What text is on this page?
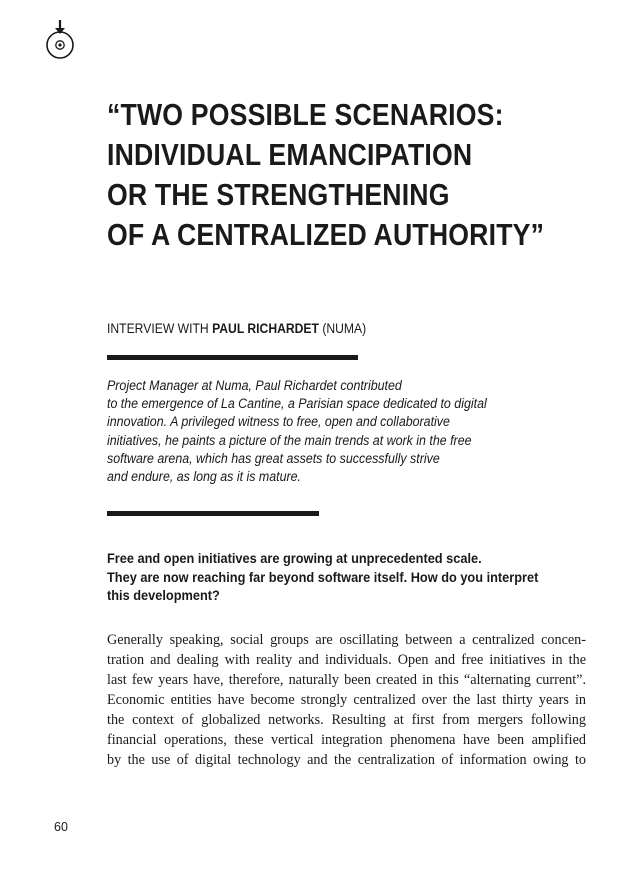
“TWO POSSIBLE SCENARIOS:
INDIVIDUAL EMANCIPATION
OR THE STRENGTHENING
OF A CENTRALIZED AUTHORITY”
INTERVIEW WITH PAUL RICHARDET (NUMA)
Project Manager at Numa, Paul Richardet contributed
to the emergence of La Cantine, a Parisian space dedicated to digital
innovation. A privileged witness to free, open and collaborative
initiatives, he paints a picture of the main trends at work in the free
software arena, which has great assets to successfully strive
and endure, as long as it is mature.
Free and open initiatives are growing at unprecedented scale.
They are now reaching far beyond software itself. How do you interpret
this development?
Generally speaking, social groups are oscillating between a centralized concen-
tration and dealing with reality and individuals. Open and free initiatives in the
last few years have, therefore, naturally been created in this “alternating current”.
Economic entities have become strongly centralized over the last thirty years in
the context of globalized networks. Resulting at first from mergers following
financial operations, these vertical integration phenomena have been amplified
by the use of digital technology and the centralization of information owing to
60
